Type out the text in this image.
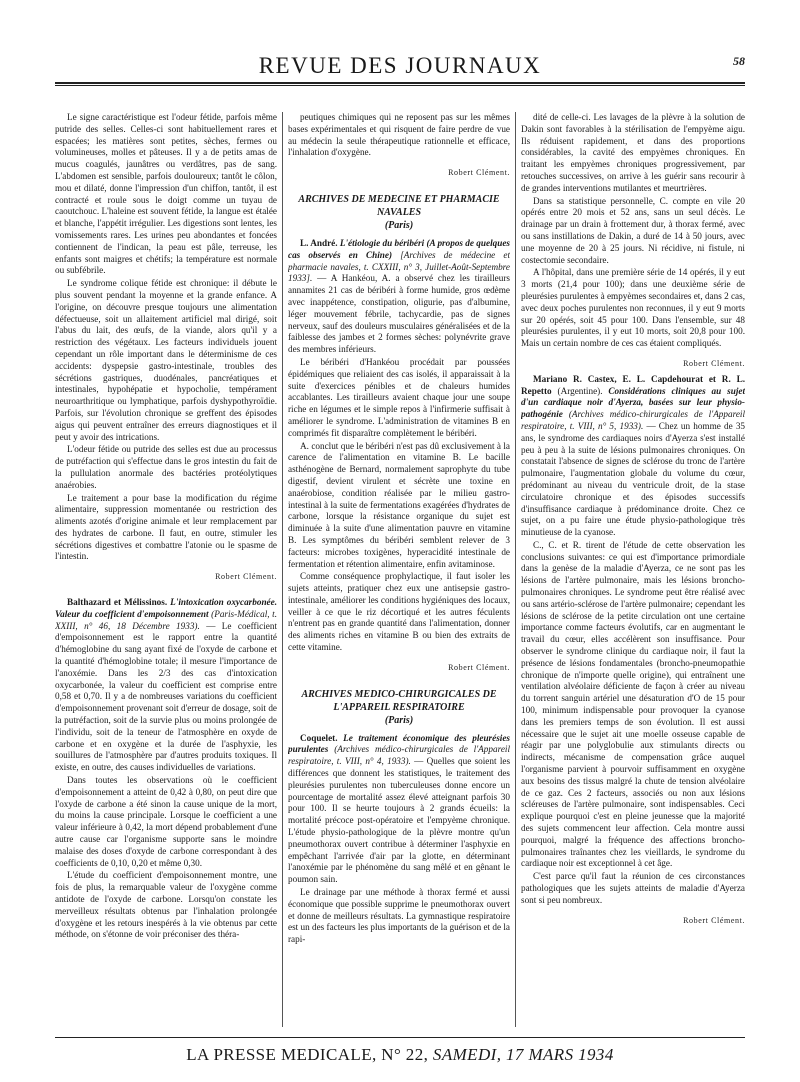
REVUE DES JOURNAUX	58

Le signe caractéristique est l'odeur fétide, parfois même putride des selles. Celles-ci sont habituellement rares et espacées; les matières sont petites, sèches, fermes ou volumineuses, molles et pâteuses. Il y a de petits amas de mucus coagulés, jaunâtres ou verdâtres, pas de sang. L'abdomen est sensible, parfois douloureux; tantôt le côlon, mou et dilaté, donne l'impression d'un chiffon, tantôt, il est contracté et roule sous le doigt comme un tuyau de caoutchouc. L'haleine est souvent fétide, la langue est étalée et blanche, l'appétit irrégulier. Les digestions sont lentes, les vomissements rares. Les urines peu abondantes et foncées contiennent de l'indican, la peau est pâle, terreuse, les enfants sont maigres et chétifs; la température est normale ou subfébrile.

Le syndrome colique fétide est chronique: il débute le plus souvent pendant la moyenne et la grande enfance. A l'origine, on découvre presque toujours une alimentation défectueuse, soit un allaitement artificiel mal dirigé, soit l'abus du lait, des œufs, de la viande, alors qu'il y a restriction des végétaux. Les facteurs individuels jouent cependant un rôle important dans le déterminisme de ces accidents: dyspepsie gastro-intestinale, troubles des sécrétions gastriques, duodénales, pancréatiques et intestinales, hypohépatie et hypocholie, tempérament neuroarthritique ou lymphatique, parfois dyshypothyroïdie. Parfois, sur l'évolution chronique se greffent des épisodes aigus qui peuvent entraîner des erreurs diagnostiques et il peut y avoir des intrications.

L'odeur fétide ou putride des selles est due au processus de putréfaction qui s'effectue dans le gros intestin du fait de la pullulation anormale des bactéries protéolytiques anaérobies.

Le traitement a pour base la modification du régime alimentaire, suppression momentanée ou restriction des aliments azotés d'origine animale et leur remplacement par des hydrates de carbone. Il faut, en outre, stimuler les sécrétions digestives et combattre l'atonie ou le spasme de l'intestin.

Robert Clément.

Balthazard et Mélissinos. L'intoxication oxycarbonée. Valeur du coefficient d'empoisonnement (Paris-Médical, t. XXIII, n° 46, 18 Décembre 1933). — Le coefficient d'empoisonnement est le rapport entre la quantité d'hémoglobine du sang ayant fixé de l'oxyde de carbone et la quantité d'hémoglobine totale; il mesure l'importance de l'anoxémie. Dans les 2/3 des cas d'intoxication oxycarbonée, la valeur du coefficient est comprise entre 0,58 et 0,70. Il y a de nombreuses variations du coefficient d'empoisonnement provenant soit d'erreur de dosage, soit de la putréfaction, soit de la survie plus ou moins prolongée de l'individu, soit de la teneur de l'atmosphère en oxyde de carbone et en oxygène et la durée de l'asphyxie, les souillures de l'atmosphère par d'autres produits toxiques. Il existe, en outre, des causes individuelles de variations.

Dans toutes les observations où le coefficient d'empoisonnement a atteint de 0,42 à 0,80, on peut dire que l'oxyde de carbone a été sinon la cause unique de la mort, du moins la cause principale. Lorsque le coefficient a une valeur inférieure à 0,42, la mort dépend probablement d'une autre cause car l'organisme supporte sans le moindre malaise des doses d'oxyde de carbone correspondant à des coefficients de 0,10, 0,20 et même 0,30.

L'étude du coefficient d'empoisonnement montre, une fois de plus, la remarquable valeur de l'oxygène comme antidote de l'oxyde de carbone. Lorsqu'on constate les merveilleux résultats obtenus par l'inhalation prolongée d'oxygène et les retours inespérés à la vie obtenus par cette méthode, on s'étonne de voir préconiser des théra-

peutiques chimiques qui ne reposent pas sur les mêmes bases expérimentales et qui risquent de faire perdre de vue au médecin la seule thérapeutique rationnelle et efficace, l'inhalation d'oxygène.

Robert Clément.

ARCHIVES DE MEDECINE ET PHARMACIE NAVALES
(Paris)

L. André. L'étiologie du béribéri (A propos de quelques cas observés en Chine) [Archives de médecine et pharmacie navales, t. CXXIII, n° 3, Juillet-Août-Septembre 1933]. — A Hankéou, A. a observé chez les tirailleurs annamites 21 cas de béribéri à forme humide, gros œdème avec inappétence, constipation, oligurie, pas d'albumine, léger mouvement fébrile, tachycardie, pas de signes nerveux, sauf des douleurs musculaires généralisées et de la faiblesse des jambes et 2 formes sèches: polynévrite grave des membres inférieurs.

Le béribéri d'Hankéou procédait par poussées épidémiques que reliaient des cas isolés, il apparaissait à la suite d'exercices pénibles et de chaleurs humides accablantes. Les tirailleurs avaient chaque jour une soupe riche en légumes et le simple repos à l'infirmerie suffisait à améliorer le syndrome. L'administration de vitamines B en comprimés fit disparaître complètement le béribéri.

A. conclut que le béribéri n'est pas dû exclusivement à la carence de l'alimentation en vitamine B. Le bacille asthénogène de Bernard, normalement saprophyte du tube digestif, devient virulent et sécrète une toxine en anaérobiose, condition réalisée par le milieu gastro-intestinal à la suite de fermentations exagérées d'hydrates de carbone, lorsque la résistance organique du sujet est diminuée à la suite d'une alimentation pauvre en vitamine B. Les symptômes du béribéri semblent relever de 3 facteurs: microbes toxigènes, hyperacidité intestinale de fermentation et rétention alimentaire, enfin avitaminose.

Comme conséquence prophylactique, il faut isoler les sujets atteints, pratiquer chez eux une antisepsie gastro-intestinale, améliorer les conditions hygiéniques des locaux, veiller à ce que le riz décortiqué et les autres féculents n'entrent pas en grande quantité dans l'alimentation, donner des aliments riches en vitamine B ou bien des extraits de cette vitamine.

Robert Clément.

ARCHIVES MEDICO-CHIRURGICALES DE L'APPAREIL RESPIRATOIRE
(Paris)

Coquelet. Le traitement économique des pleurésies purulentes (Archives médico-chirurgicales de l'Appareil respiratoire, t. VIII, n° 4, 1933). — Quelles que soient les différences que donnent les statistiques, le traitement des pleurésies purulentes non tuberculeuses donne encore un pourcentage de mortalité assez élevé atteignant parfois 30 pour 100. Il se heurte toujours à 2 grands écueils: la mortalité précoce post-opératoire et l'empyème chronique. L'étude physio-pathologique de la plèvre montre qu'un pneumothorax ouvert contribue à déterminer l'asphyxie en empêchant l'arrivée d'air par la glotte, en déterminant l'anoxémie par le phénomène du sang mêlé et en gênant le poumon sain.

Le drainage par une méthode à thorax fermé et aussi économique que possible supprime le pneumothorax ouvert et donne de meilleurs résultats. La gymnastique respiratoire est un des facteurs les plus importants de la guérison et de la rapi-

dité de celle-ci. Les lavages de la plèvre à la solution de Dakin sont favorables à la stérilisation de l'empyème aigu. Ils réduisent rapidement, et dans des proportions considérables, la cavité des empyèmes chroniques. En traitant les empyèmes chroniques progressivement, par retouches successives, on arrive à les guérir sans recourir à de grandes interventions mutilantes et meurtrières.

Dans sa statistique personnelle, C. compte en vile 20 opérés entre 20 mois et 52 ans, sans un seul décès. Le drainage par un drain à frottement dur, à thorax fermé, avec ou sans instillations de Dakin, a duré de 14 à 50 jours, avec une moyenne de 20 à 25 jours. Ni récidive, ni fistule, ni costectomie secondaire.

A l'hôpital, dans une première série de 14 opérés, il y eut 3 morts (21,4 pour 100); dans une deuxième série de pleurésies purulentes à empyèmes secondaires et, dans 2 cas, avec deux poches purulentes non reconnues, il y eut 9 morts sur 20 opérés, soit 45 pour 100. Dans l'ensemble, sur 48 pleurésies purulentes, il y eut 10 morts, soit 20,8 pour 100. Mais un certain nombre de ces cas étaient compliqués.

Robert Clément.

Mariano R. Castex, E. L. Capdehourat et R. L. Repetto (Argentine). Considérations cliniques au sujet d'un cardiaque noir d'Ayerza, basées sur leur physio-pathogénie (Archives médico-chirurgicales de l'Appareil respiratoire, t. VIII, n° 5, 1933). — Chez un homme de 35 ans, le syndrome des cardiaques noirs d'Ayerza s'est installé peu à peu à la suite de lésions pulmonaires chroniques. On constatait l'absence de signes de sclérose du tronc de l'artère pulmonaire, l'augmentation globale du volume du cœur, prédominant au niveau du ventricule droit, de la stase circulatoire chronique et des épisodes successifs d'insuffisance cardiaque à prédominance droite. Chez ce sujet, on a pu faire une étude physio-pathologique très minutieuse de la cyanose.

C., C. et R. tirent de l'étude de cette observation les conclusions suivantes: ce qui est d'importance primordiale dans la genèse de la maladie d'Ayerza, ce ne sont pas les lésions de l'artère pulmonaire, mais les lésions broncho-pulmonaires chroniques. Le syndrome peut être réalisé avec ou sans artério-sclérose de l'artère pulmonaire; cependant les lésions de sclérose de la petite circulation ont une certaine importance comme facteurs évolutifs, car en augmentant le travail du cœur, elles accélèrent son insuffisance. Pour observer le syndrome clinique du cardiaque noir, il faut la présence de lésions fondamentales (broncho-pneumopathie chronique de n'importe quelle origine), qui entraînent une ventilation alvéolaire déficiente de façon à créer au niveau du torrent sanguin artériel une désaturation d'O de 15 pour 100, minimum indispensable pour provoquer la cyanose dans les premiers temps de son évolution. Il est aussi nécessaire que le sujet ait une moelle osseuse capable de réagir par une polyglobulie aux stimulants directs ou indirects, mécanisme de compensation grâce auquel l'organisme parvient à pourvoir suffisamment en oxygène aux besoins des tissus malgré la chute de tension alvéolaire de ce gaz. Ces 2 facteurs, associés ou non aux lésions scléreuses de l'artère pulmonaire, sont indispensables. Ceci explique pourquoi c'est en pleine jeunesse que la majorité des sujets commencent leur affection. Cela montre aussi pourquoi, malgré la fréquence des affections broncho-pulmonaires traînantes chez les vieillards, le syndrome du cardiaque noir est exceptionnel à cet âge.

C'est parce qu'il faut la réunion de ces circonstances pathologiques que les sujets atteints de maladie d'Ayerza sont si peu nombreux.

Robert Clément.

LA PRESSE MEDICALE, N° 22, SAMEDI, 17 MARS 1934
